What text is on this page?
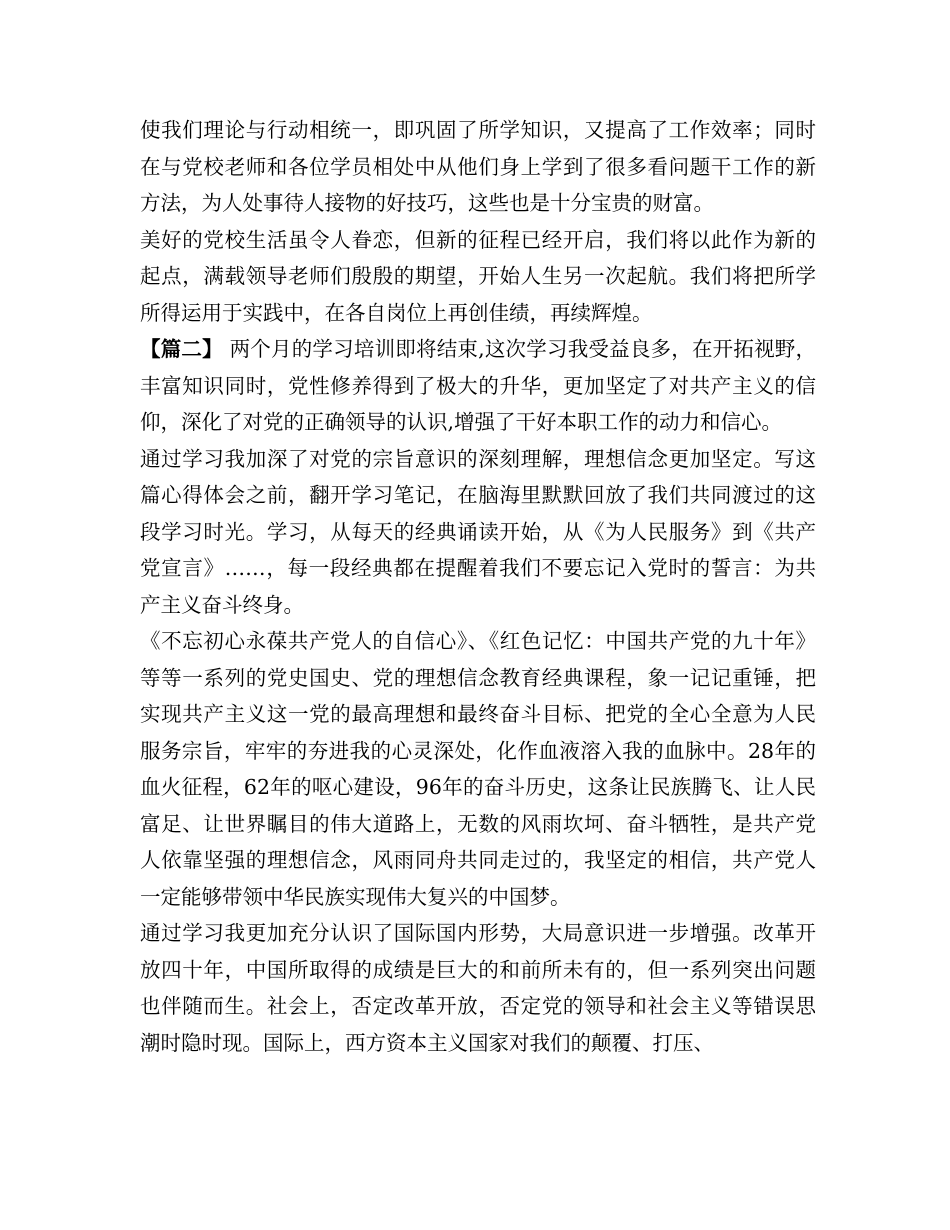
使我们理论与行动相统一，即巩固了所学知识，又提高了工作效率；同时在与党校老师和各位学员相处中从他们身上学到了很多看问题干工作的新方法，为人处事待人接物的好技巧，这些也是十分宝贵的财富。

美好的党校生活虽令人眷恋，但新的征程已经开启，我们将以此作为新的起点，满载领导老师们殷殷的期望，开始人生另一次起航。我们将把所学所得运用于实践中，在各自岗位上再创佳绩，再续辉煌。

【篇二】 两个月的学习培训即将结束,这次学习我受益良多，在开拓视野，丰富知识同时，党性修养得到了极大的升华，更加坚定了对共产主义的信仰，深化了对党的正确领导的认识,增强了干好本职工作的动力和信心。

通过学习我加深了对党的宗旨意识的深刻理解，理想信念更加坚定。写这篇心得体会之前，翻开学习笔记，在脑海里默默回放了我们共同渡过的这段学习时光。学习，从每天的经典诵读开始，从《为人民服务》到《共产党宣言》……，每一段经典都在提醒着我们不要忘记入党时的誓言：为共产主义奋斗终身。

《不忘初心永葆共产党人的自信心》、《红色记忆：中国共产党的九十年》等等一系列的党史国史、党的理想信念教育经典课程，象一记记重锤，把实现共产主义这一党的最高理想和最终奋斗目标、把党的全心全意为人民服务宗旨，牢牢的夯进我的心灵深处，化作血液溶入我的血脉中。28年的血火征程，62年的呕心建设，96年的奋斗历史，这条让民族腾飞、让人民富足、让世界瞩目的伟大道路上，无数的风雨坎坷、奋斗牺牲，是共产党人依靠坚强的理想信念，风雨同舟共同走过的，我坚定的相信，共产党人一定能够带领中华民族实现伟大复兴的中国梦。

通过学习我更加充分认识了国际国内形势，大局意识进一步增强。改革开放四十年，中国所取得的成绩是巨大的和前所未有的，但一系列突出问题也伴随而生。社会上，否定改革开放，否定党的领导和社会主义等错误思潮时隐时现。国际上，西方资本主义国家对我们的颠覆、打压、
